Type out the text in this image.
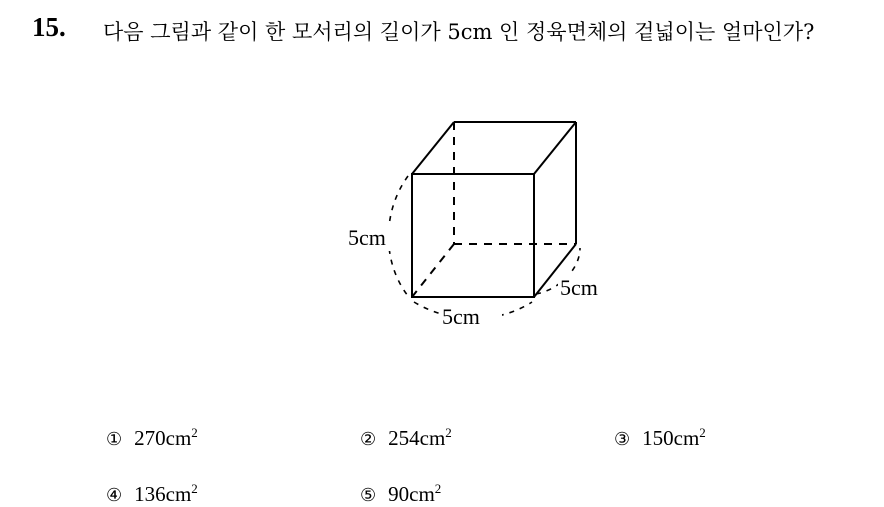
15. 다음 그림과 같이 한 모서리의 길이가 5cm 인 정육면체의 겉넓이는 얼마인가?
5cm
5cm
5cm
① $270cm^2$	② $254cm^2$	③ $150cm^2$
④ $136cm^2$	⑤ $90cm^2$
